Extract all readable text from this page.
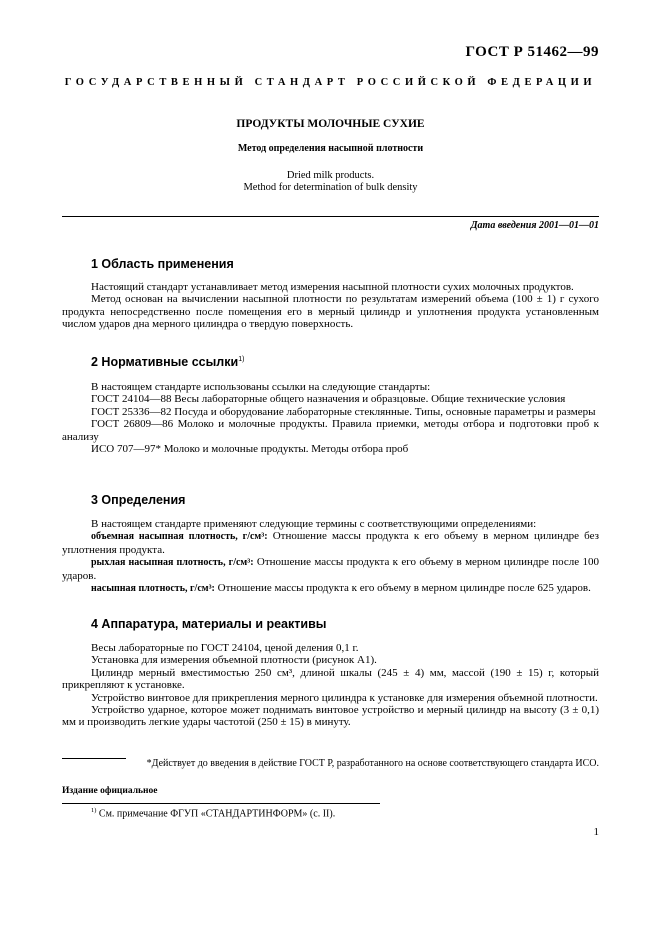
ГОСТ Р 51462—99
ГОСУДАРСТВЕННЫЙ СТАНДАРТ РОССИЙСКОЙ ФЕДЕРАЦИИ
ПРОДУКТЫ МОЛОЧНЫЕ СУХИЕ
Метод определения насыпной плотности
Dried milk products.
Method for determination of bulk density
Дата введения 2001—01—01
1 Область применения

Настоящий стандарт устанавливает метод измерения насыпной плотности сухих молочных продуктов.

Метод основан на вычислении насыпной плотности по результатам измерений объема (100 ± 1) г сухого продукта непосредственно после помещения его в мерный цилиндр и уплотнения продукта установленным числом ударов дна мерного цилиндра о твердую поверхность.

2 Нормативные ссылки$^{1)}$

В настоящем стандарте использованы ссылки на следующие стандарты:

ГОСТ 24104—88 Весы лабораторные общего назначения и образцовые. Общие технические условия

ГОСТ 25336—82 Посуда и оборудование лабораторные стеклянные. Типы, основные параметры и размеры

ГОСТ 26809—86 Молоко и молочные продукты. Правила приемки, методы отбора и подготовки проб к анализу

ИСО 707—97* Молоко и молочные продукты. Методы отбора проб

3 Определения

В настоящем стандарте применяют следующие термины с соответствующими определениями:

объемная насыпная плотность, г/см³: Отношение массы продукта к его объему в мерном цилиндре без уплотнения продукта.

рыхлая насыпная плотность, г/см³: Отношение массы продукта к его объему в мерном цилиндре после 100 ударов.

насыпная плотность, г/см³: Отношение массы продукта к его объему в мерном цилиндре после 625 ударов.

4 Аппаратура, материалы и реактивы

Весы лабораторные по ГОСТ 24104, ценой деления 0,1 г.

Установка для измерения объемной плотности (рисунок А1).

Цилиндр мерный вместимостью 250 см³, длиной шкалы (245 ± 4) мм, массой (190 ± 15) г, который прикрепляют к установке.

Устройство винтовое для прикрепления мерного цилиндра к установке для измерения объемной плотности.

Устройство ударное, которое может поднимать винтовое устройство и мерный цилиндр на высоту (3 ± 0,1) мм и производить легкие удары частотой (250 ± 15) в минуту.

*Действует до введения в действие ГОСТ Р, разработанного на основе соответствующего стандарта ИСО.
Издание официальное
$^{1)}$ См. примечание ФГУП «СТАНДАРТИНФОРМ» (с. II).
1
